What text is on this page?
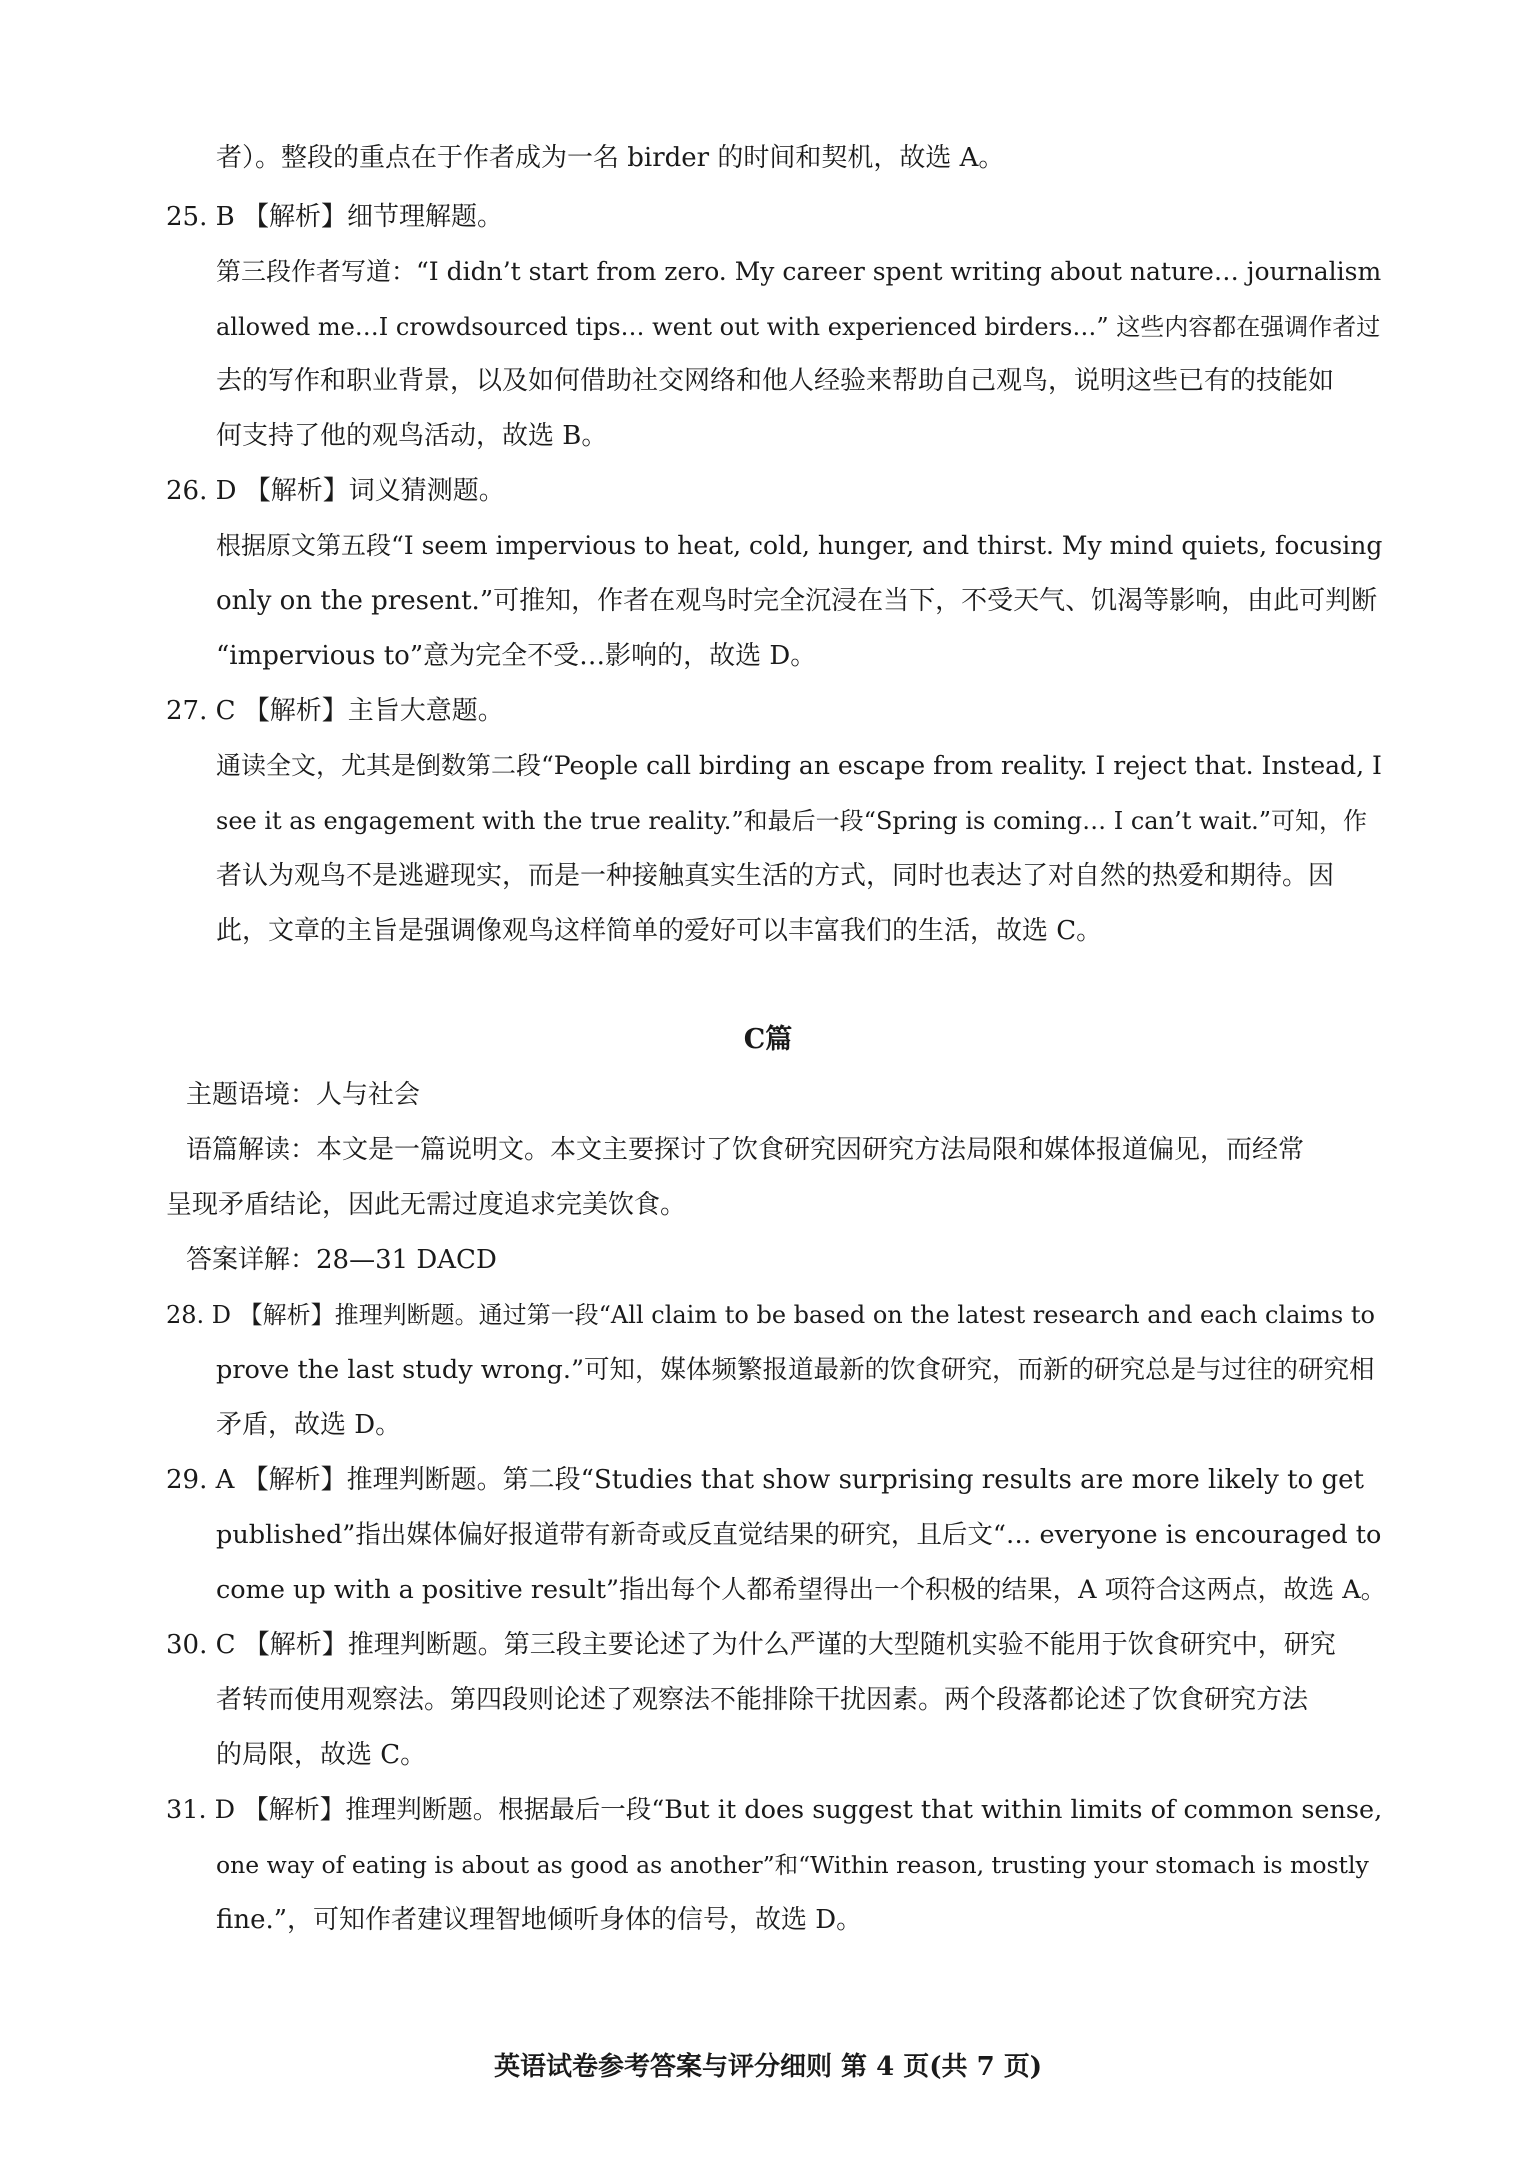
者）。整段的重点在于作者成为一名 birder 的时间和契机，故选 A。
25. B 【解析】细节理解题。
第三段作者写道：“I didn’t start from zero. My career spent writing about nature… journalism
allowed me…I crowdsourced tips… went out with experienced birders…” 这些内容都在强调作者过
去的写作和职业背景，以及如何借助社交网络和他人经验来帮助自己观鸟，说明这些已有的技能如
何支持了他的观鸟活动，故选 B。
26. D 【解析】词义猜测题。
根据原文第五段“I seem impervious to heat, cold, hunger, and thirst. My mind quiets, focusing
only on the present.”可推知，作者在观鸟时完全沉浸在当下，不受天气、饥渴等影响，由此可判断
“impervious to”意为完全不受…影响的，故选 D。
27. C 【解析】主旨大意题。
通读全文，尤其是倒数第二段“People call birding an escape from reality. I reject that. Instead, I
see it as engagement with the true reality.”和最后一段“Spring is coming… I can’t wait.”可知，作
者认为观鸟不是逃避现实，而是一种接触真实生活的方式，同时也表达了对自然的热爱和期待。因
此，文章的主旨是强调像观鸟这样简单的爱好可以丰富我们的生活，故选 C。
C篇
主题语境：人与社会
语篇解读：本文是一篇说明文。本文主要探讨了饮食研究因研究方法局限和媒体报道偏见，而经常
呈现矛盾结论，因此无需过度追求完美饮食。
答案详解：28—31 DACD
28. D 【解析】推理判断题。通过第一段“All claim to be based on the latest research and each claims to
prove the last study wrong.”可知，媒体频繁报道最新的饮食研究，而新的研究总是与过往的研究相
矛盾，故选 D。
29. A 【解析】推理判断题。第二段“Studies that show surprising results are more likely to get
published”指出媒体偏好报道带有新奇或反直觉结果的研究，且后文“… everyone is encouraged to
come up with a positive result”指出每个人都希望得出一个积极的结果，A 项符合这两点，故选 A。
30. C 【解析】推理判断题。第三段主要论述了为什么严谨的大型随机实验不能用于饮食研究中，研究
者转而使用观察法。第四段则论述了观察法不能排除干扰因素。两个段落都论述了饮食研究方法
的局限，故选 C。
31. D 【解析】推理判断题。根据最后一段“But it does suggest that within limits of common sense,
one way of eating is about as good as another”和“Within reason, trusting your stomach is mostly
fine.”，可知作者建议理智地倾听身体的信号，故选 D。
英语试卷参考答案与评分细则 第 4 页(共 7 页)
